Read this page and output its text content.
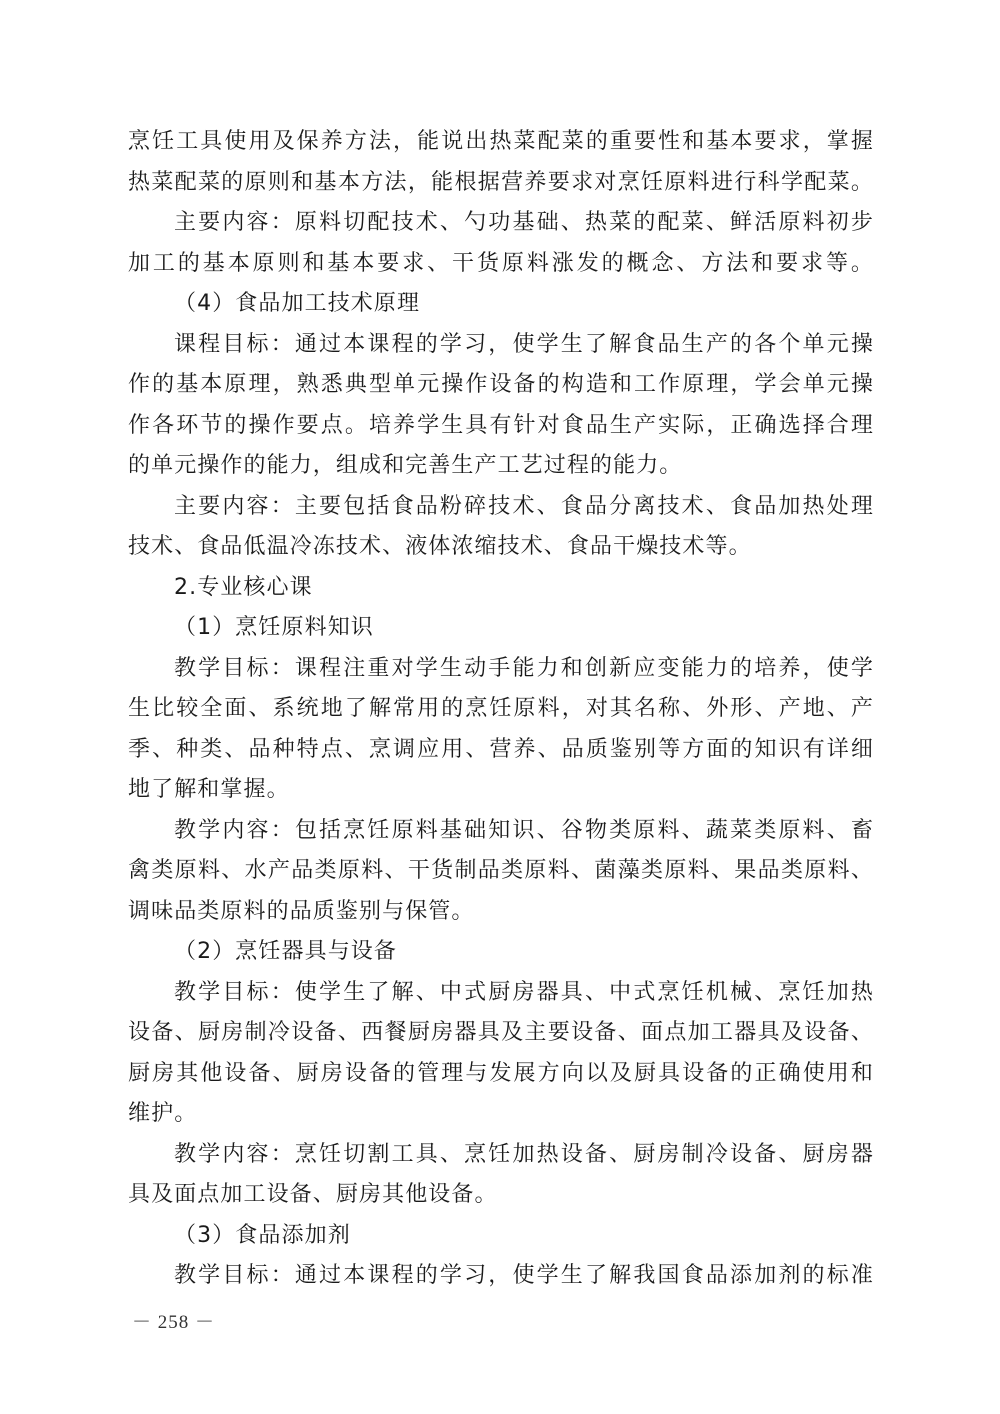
烹饪工具使用及保养方法，能说出热菜配菜的重要性和基本要求，掌握
热菜配菜的原则和基本方法，能根据营养要求对烹饪原料进行科学配菜。
主要内容：原料切配技术、勺功基础、热菜的配菜、鲜活原料初步
加工的基本原则和基本要求、干货原料涨发的概念、方法和要求等。
（4）食品加工技术原理
课程目标：通过本课程的学习，使学生了解食品生产的各个单元操
作的基本原理，熟悉典型单元操作设备的构造和工作原理，学会单元操
作各环节的操作要点。培养学生具有针对食品生产实际，正确选择合理
的单元操作的能力，组成和完善生产工艺过程的能力。
主要内容：主要包括食品粉碎技术、食品分离技术、食品加热处理
技术、食品低温冷冻技术、液体浓缩技术、食品干燥技术等。
2.专业核心课
（1）烹饪原料知识
教学目标：课程注重对学生动手能力和创新应变能力的培养，使学
生比较全面、系统地了解常用的烹饪原料，对其名称、外形、产地、产
季、种类、品种特点、烹调应用、营养、品质鉴别等方面的知识有详细
地了解和掌握。
教学内容：包括烹饪原料基础知识、谷物类原料、蔬菜类原料、畜
禽类原料、水产品类原料、干货制品类原料、菌藻类原料、果品类原料、
调味品类原料的品质鉴别与保管。
（2）烹饪器具与设备
教学目标：使学生了解、中式厨房器具、中式烹饪机械、烹饪加热
设备、厨房制冷设备、西餐厨房器具及主要设备、面点加工器具及设备、
厨房其他设备、厨房设备的管理与发展方向以及厨具设备的正确使用和
维护。
教学内容：烹饪切割工具、烹饪加热设备、厨房制冷设备、厨房器
具及面点加工设备、厨房其他设备。
（3）食品添加剂
教学目标：通过本课程的学习，使学生了解我国食品添加剂的标准
－ 258 －
